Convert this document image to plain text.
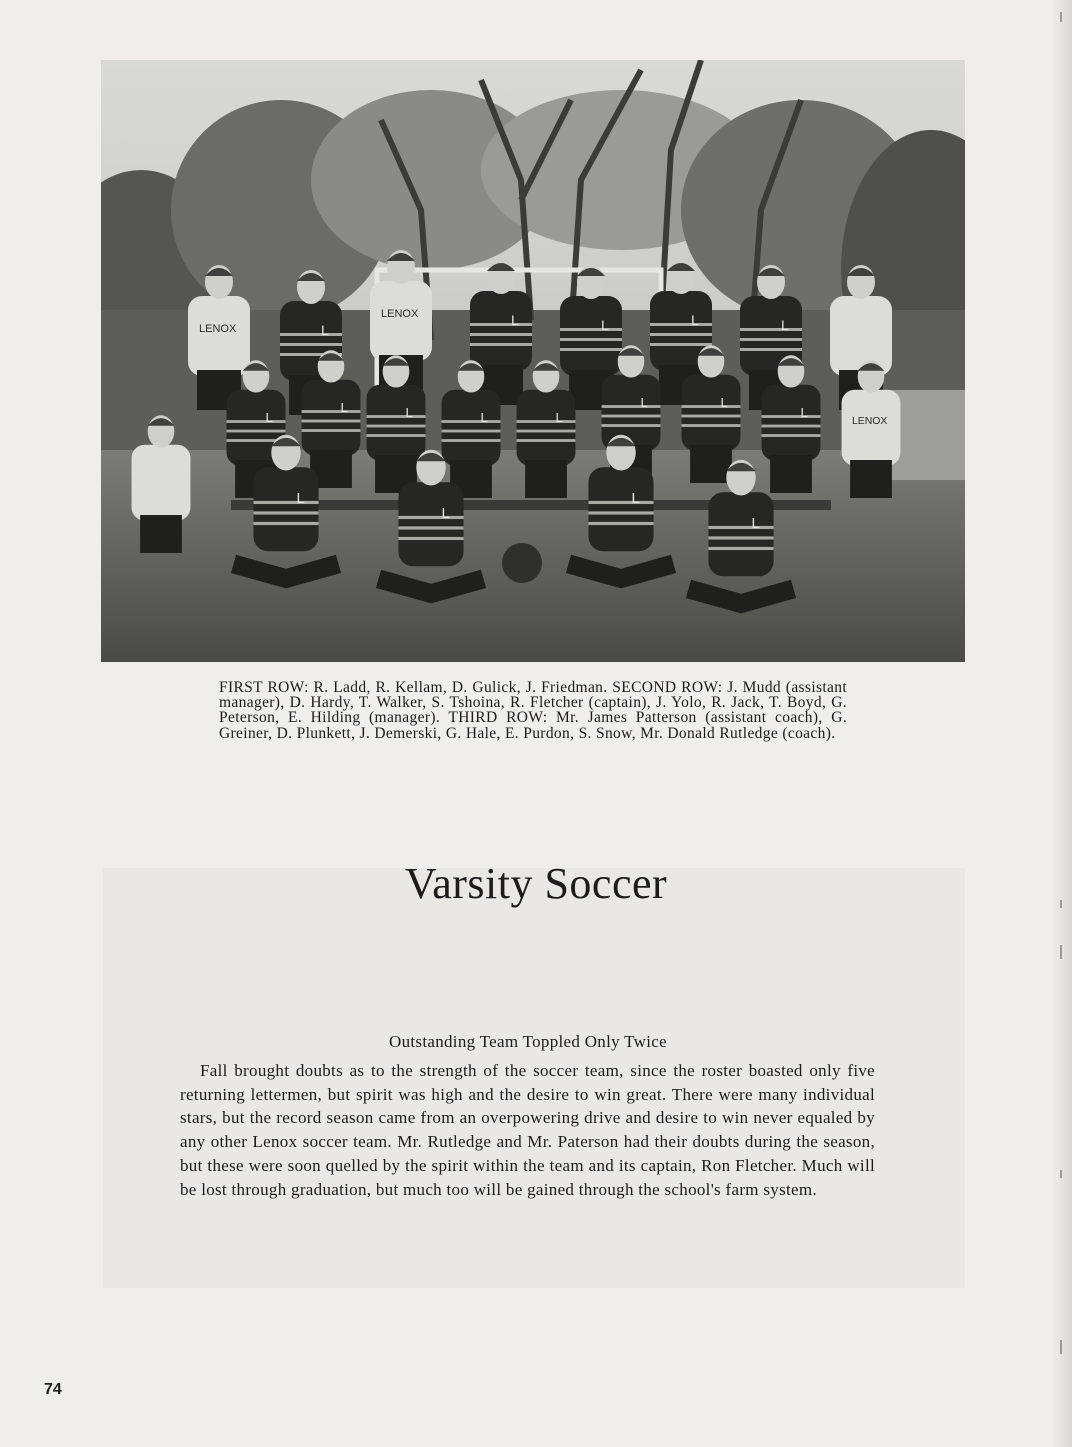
LENOX	L
LENOX	L	L	L	L
L
L	L	L	L
L	L
L
LENOX
L
L
L
L
FIRST ROW: R. Ladd, R. Kellam, D. Gulick, J. Friedman. SECOND ROW: J. Mudd (assistant manager), D. Hardy, T. Walker, S. Tshoina, R. Fletcher (captain), J. Yolo, R. Jack, T. Boyd, G. Peterson, E. Hilding (manager). THIRD ROW: Mr. James Patterson (assistant coach), G. Greiner, D. Plunkett, J. Demerski, G. Hale, E. Purdon, S. Snow, Mr. Donald Rutledge (coach).
Varsity Soccer
Outstanding Team Toppled Only Twice
Fall brought doubts as to the strength of the soccer team, since the roster boasted only five returning lettermen, but spirit was high and the desire to win great. There were many individual stars, but the record season came from an overpowering drive and desire to win never equaled by any other Lenox soccer team. Mr. Rutledge and Mr. Paterson had their doubts during the season, but these were soon quelled by the spirit within the team and its captain, Ron Fletcher. Much will be lost through graduation, but much too will be gained through the school's farm system.
74
